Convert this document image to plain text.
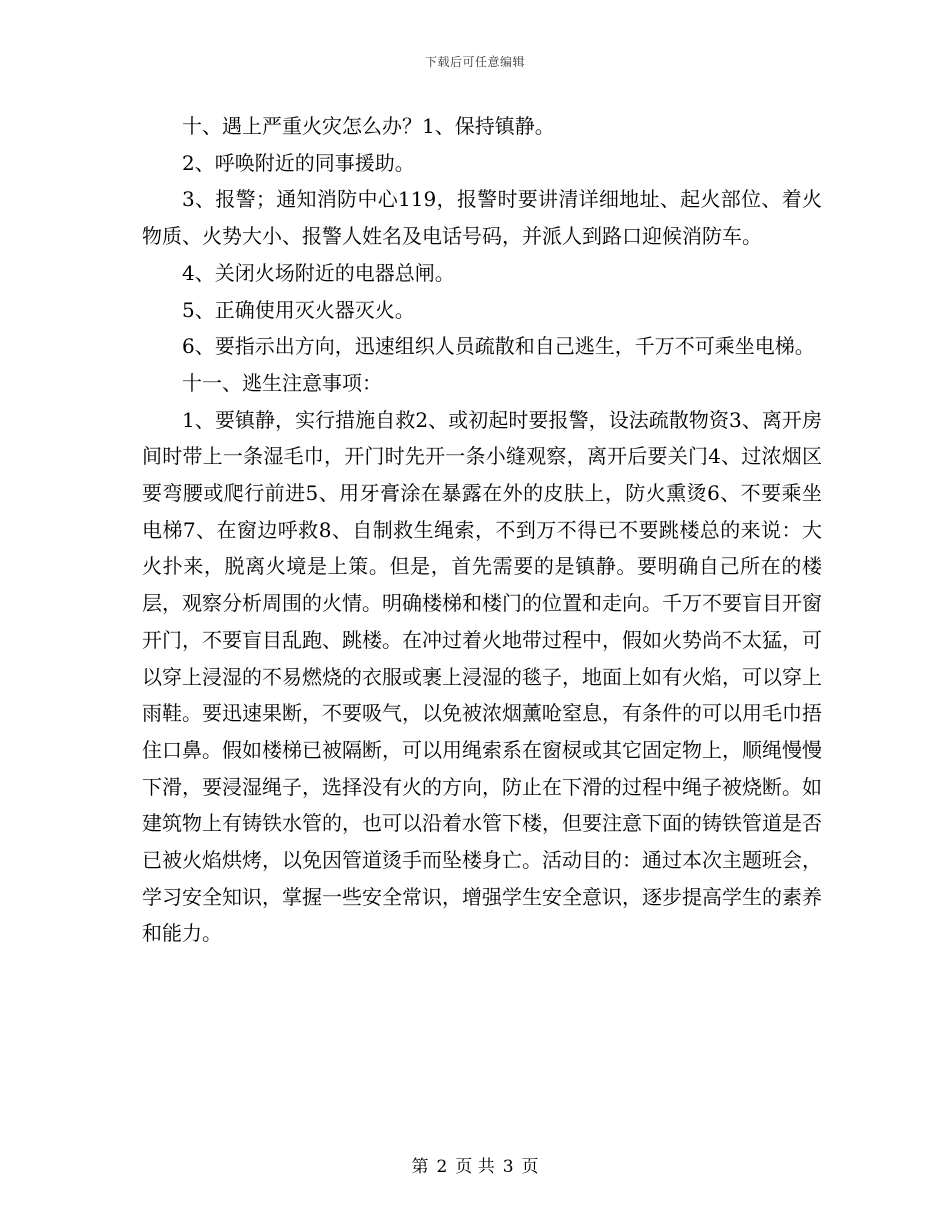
下载后可任意编辑

十、遇上严重火灾怎么办？1、保持镇静。

2、呼唤附近的同事援助。

3、报警；通知消防中心119，报警时要讲清详细地址、起火部位、着火物质、火势大小、报警人姓名及电话号码，并派人到路口迎候消防车。

4、关闭火场附近的电器总闸。

5、正确使用灭火器灭火。

6、要指示出方向，迅速组织人员疏散和自己逃生，千万不可乘坐电梯。

十一、逃生注意事项：

1、要镇静，实行措施自救2、或初起时要报警，设法疏散物资3、离开房间时带上一条湿毛巾，开门时先开一条小缝观察，离开后要关门4、过浓烟区要弯腰或爬行前进5、用牙膏涂在暴露在外的皮肤上，防火熏烫6、不要乘坐电梯7、在窗边呼救8、自制救生绳索，不到万不得已不要跳楼总的来说：大火扑来，脱离火境是上策。但是，首先需要的是镇静。要明确自己所在的楼层，观察分析周围的火情。明确楼梯和楼门的位置和走向。千万不要盲目开窗开门，不要盲目乱跑、跳楼。在冲过着火地带过程中，假如火势尚不太猛，可以穿上浸湿的不易燃烧的衣服或裹上浸湿的毯子，地面上如有火焰，可以穿上雨鞋。要迅速果断，不要吸气，以免被浓烟薰呛窒息，有条件的可以用毛巾捂住口鼻。假如楼梯已被隔断，可以用绳索系在窗棂或其它固定物上，顺绳慢慢下滑，要浸湿绳子，选择没有火的方向，防止在下滑的过程中绳子被烧断。如建筑物上有铸铁水管的，也可以沿着水管下楼，但要注意下面的铸铁管道是否已被火焰烘烤，以免因管道烫手而坠楼身亡。活动目的：通过本次主题班会，学习安全知识，掌握一些安全常识，增强学生安全意识，逐步提高学生的素养和能力。

第 2 页 共 3 页
